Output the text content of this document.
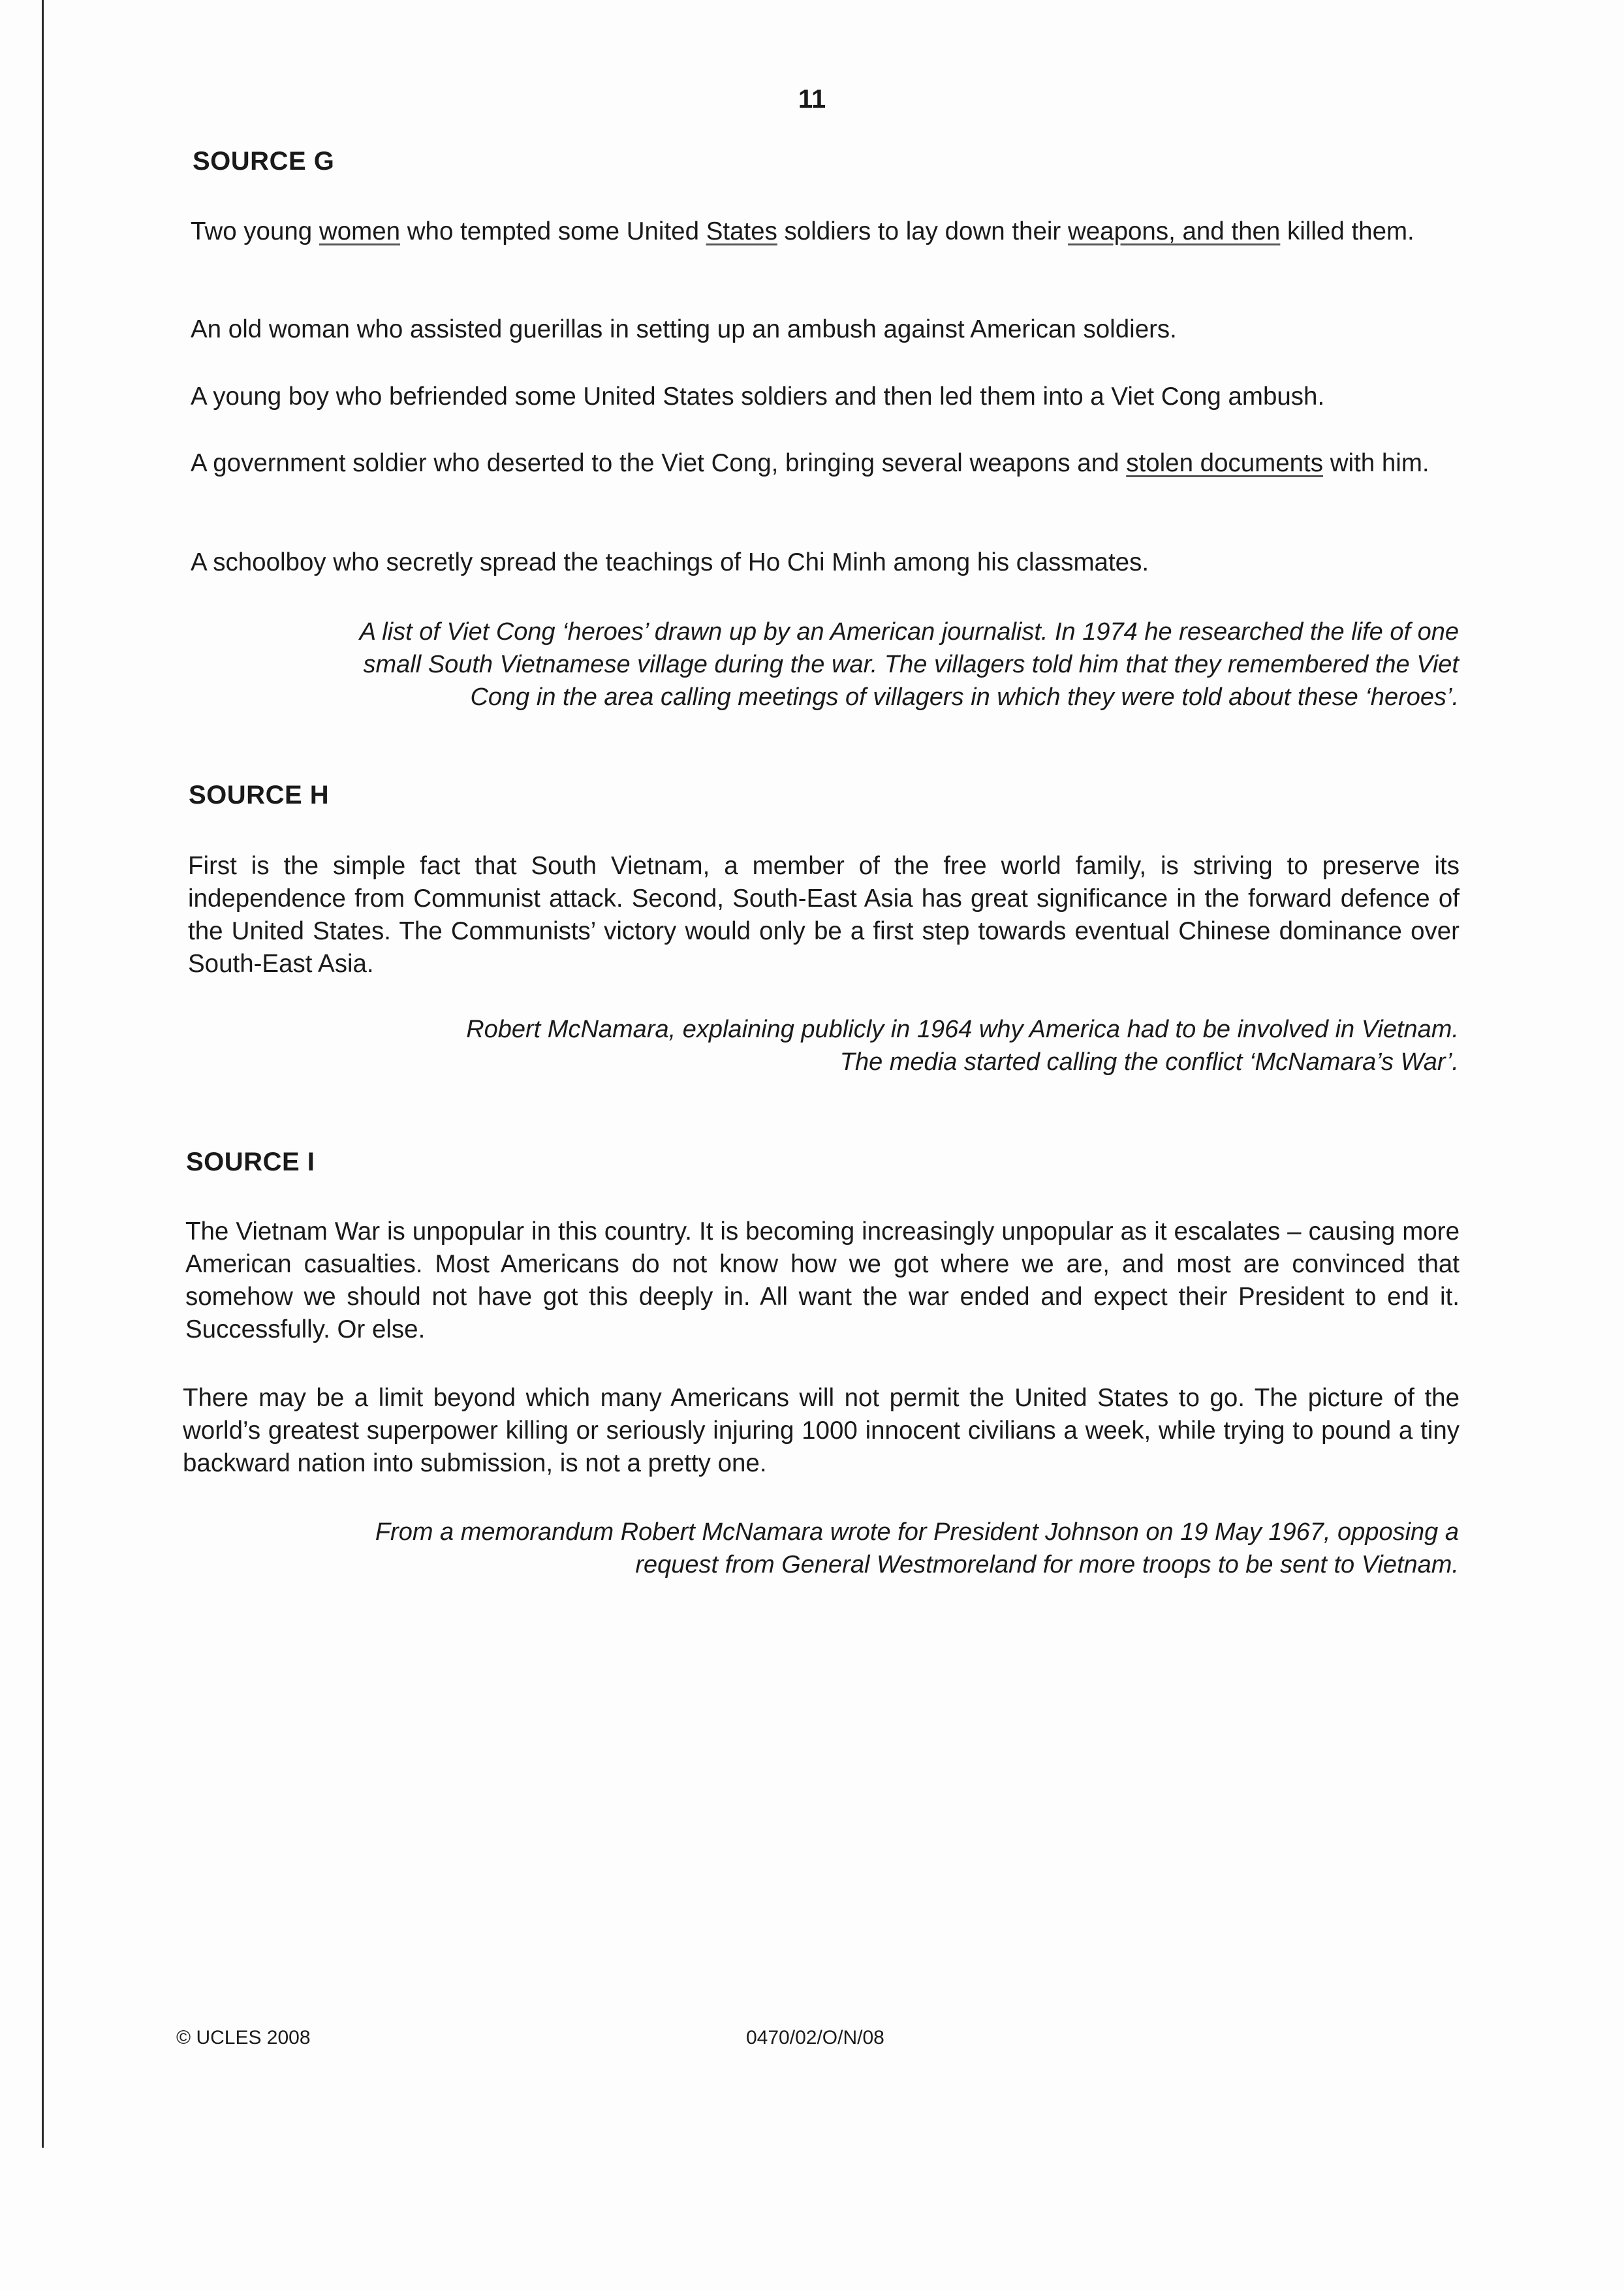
11
SOURCE G
Two young women who tempted some United States soldiers to lay down their weapons, and then killed them.
An old woman who assisted guerillas in setting up an ambush against American soldiers.
A young boy who befriended some United States soldiers and then led them into a Viet Cong ambush.
A government soldier who deserted to the Viet Cong, bringing several weapons and stolen documents with him.
A schoolboy who secretly spread the teachings of Ho Chi Minh among his classmates.
A list of Viet Cong ‘heroes’ drawn up by an American journalist. In 1974 he researched the life of one
small South Vietnamese village during the war. The villagers told him that they remembered the Viet
Cong in the area calling meetings of villagers in which they were told about these ‘heroes’.
SOURCE H
First is the simple fact that South Vietnam, a member of the free world family, is striving to preserve its independence from Communist attack. Second, South-East Asia has great significance in the forward defence of the United States. The Communists’ victory would only be a first step towards eventual Chinese dominance over South-East Asia.
Robert McNamara, explaining publicly in 1964 why America had to be involved in Vietnam.
The media started calling the conflict ‘McNamara’s War’.
SOURCE I
The Vietnam War is unpopular in this country. It is becoming increasingly unpopular as it escalates – causing more American casualties. Most Americans do not know how we got where we are, and most are convinced that somehow we should not have got this deeply in. All want the war ended and expect their President to end it. Successfully. Or else.
There may be a limit beyond which many Americans will not permit the United States to go. The picture of the world’s greatest superpower killing or seriously injuring 1000 innocent civilians a week, while trying to pound a tiny backward nation into submission, is not a pretty one.
From a memorandum Robert McNamara wrote for President Johnson on 19 May 1967, opposing a
request from General Westmoreland for more troops to be sent to Vietnam.
© UCLES 2008	0470/02/O/N/08
